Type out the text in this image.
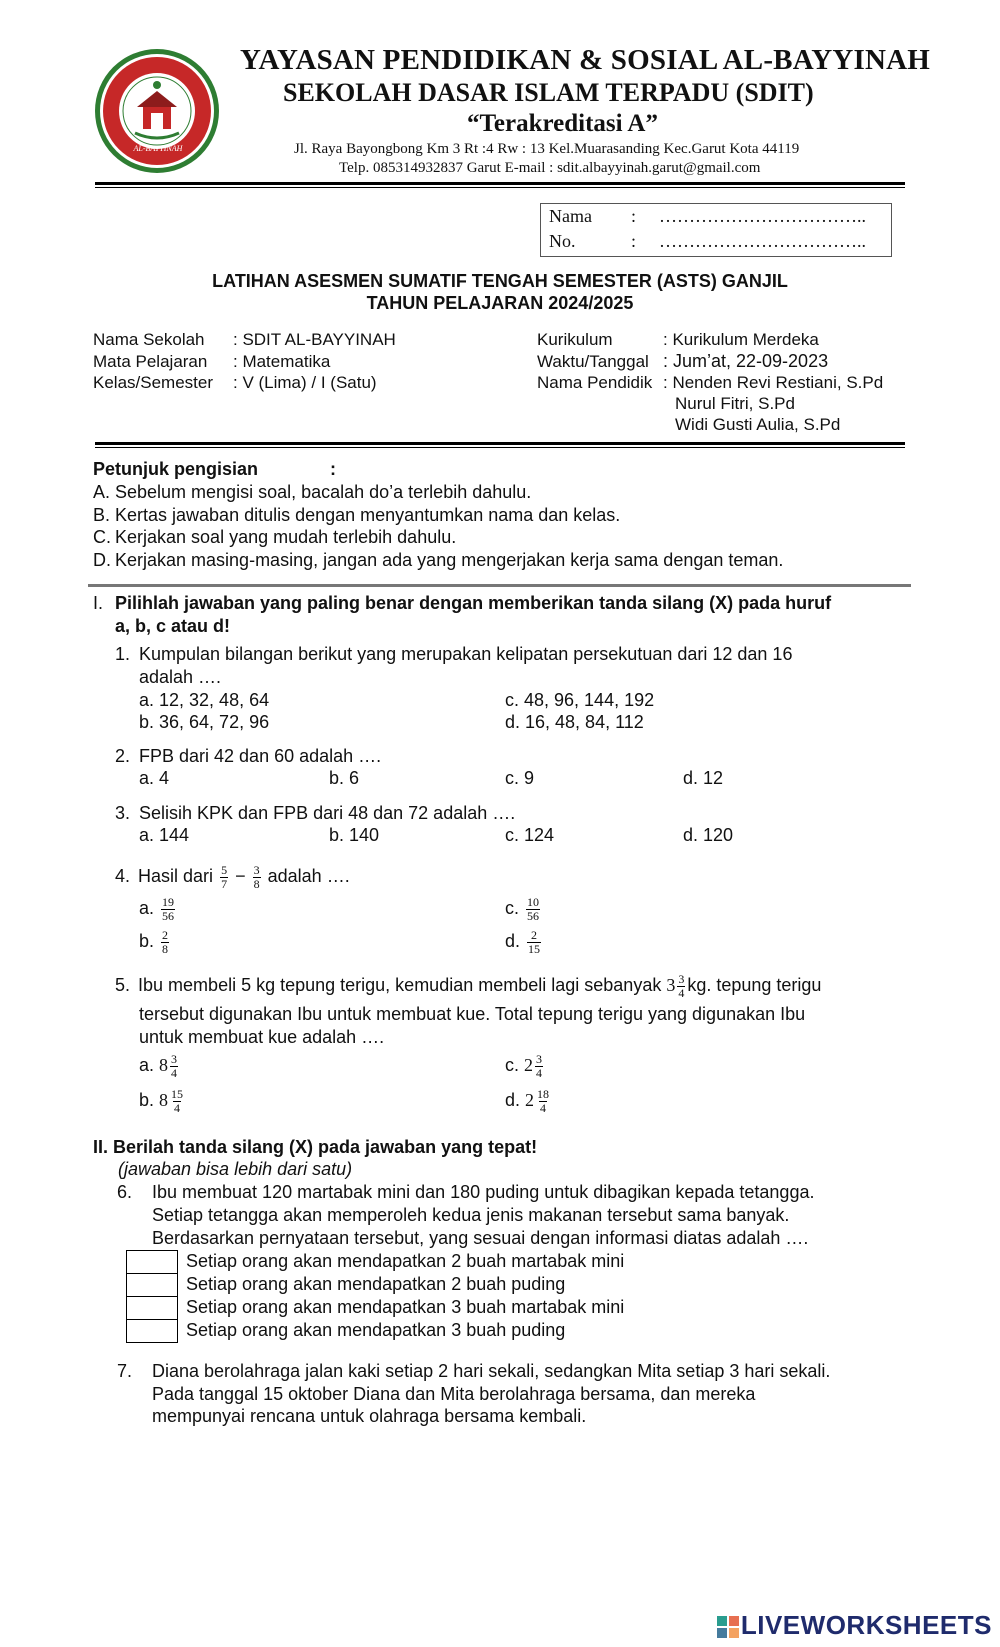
AL-BAYYINAH
YAYASAN PENDIDIKAN & SOSIAL AL-BAYYINAH
SEKOLAH DASAR ISLAM TERPADU (SDIT)
“Terakreditasi A”
Jl. Raya Bayongbong Km 3 Rt :4 Rw : 13 Kel.Muarasanding Kec.Garut Kota 44119
Telp. 085314932837 Garut E-mail : sdit.albayyinah.garut@gmail.com
Nama : ……………………………..
No.	: ……………………………..
LATIHAN ASESMEN SUMATIF TENGAH SEMESTER (ASTS) GANJIL
TAHUN PELAJARAN 2024/2025
Nama Sekolah : SDIT AL-BAYYINAH
Mata Pelajaran : Matematika
Kelas/Semester : V (Lima) / I (Satu)
Kurikulum	: Kurikulum Merdeka
Waktu/Tanggal : Jum’at, 22-09-2023
Nama Pendidik : Nenden Revi Restiani, S.Pd
Nurul Fitri, S.Pd
Widi Gusti Aulia, S.Pd
Petunjuk pengisian	:
A. Sebelum mengisi soal, bacalah do’a terlebih dahulu.
B. Kertas jawaban ditulis dengan menyantumkan nama dan kelas.
C. Kerjakan soal yang mudah terlebih dahulu.
D. Kerjakan masing-masing, jangan ada yang mengerjakan kerja sama dengan teman.
I. Pilihlah jawaban yang paling benar dengan memberikan tanda silang (X) pada huruf
a, b, c atau d!
1. Kumpulan bilangan berikut yang merupakan kelipatan persekutuan dari 12 dan 16
adalah ….
a. 12, 32, 48, 64
b. 36, 64, 72, 96
c. 48, 96, 144, 192
d. 16, 48, 84, 112
2. FPB dari 42 dan 60 adalah ….
a. 4	b. 6	c. 9	d. 12
3. Selisih KPK dan FPB dari 48 dan 72 adalah ….
a. 144	b. 140	c. 124	d. 120
4. Hasil dari $\frac{5}{7} - \frac{3}{8}$ adalah ….
a. $\frac{19}{56}$
b. $\frac{2}{8}$
c. $\frac{10}{56}$
d. $\frac{2}{15}$
5. Ibu membeli 5 kg tepung terigu, kemudian membeli lagi sebanyak $3 \frac{3}{4}$ kg. tepung terigu
tersebut digunakan Ibu untuk membuat kue. Total tepung terigu yang digunakan Ibu
untuk membuat kue adalah ….
a. $8 \frac{3}{4}$
b. $8 \frac{15}{4}$
c. $2 \frac{3}{4}$
d. $2 \frac{18}{4}$
II. Berilah tanda silang (X) pada jawaban yang tepat!
(jawaban bisa lebih dari satu)
6. Ibu membuat 120 martabak mini dan 180 puding untuk dibagikan kepada tetangga.
Setiap tetangga akan memperoleh kedua jenis makanan tersebut sama banyak.
Berdasarkan pernyataan tersebut, yang sesuai dengan informasi diatas adalah ….
Setiap orang akan mendapatkan 2 buah martabak mini
Setiap orang akan mendapatkan 2 buah puding
Setiap orang akan mendapatkan 3 buah martabak mini
Setiap orang akan mendapatkan 3 buah puding
7. Diana berolahraga jalan kaki setiap 2 hari sekali, sedangkan Mita setiap 3 hari sekali.
Pada tanggal 15 oktober Diana dan Mita berolahraga bersama, dan mereka
mempunyai rencana untuk olahraga bersama kembali.
LIVEWORKSHEETS
